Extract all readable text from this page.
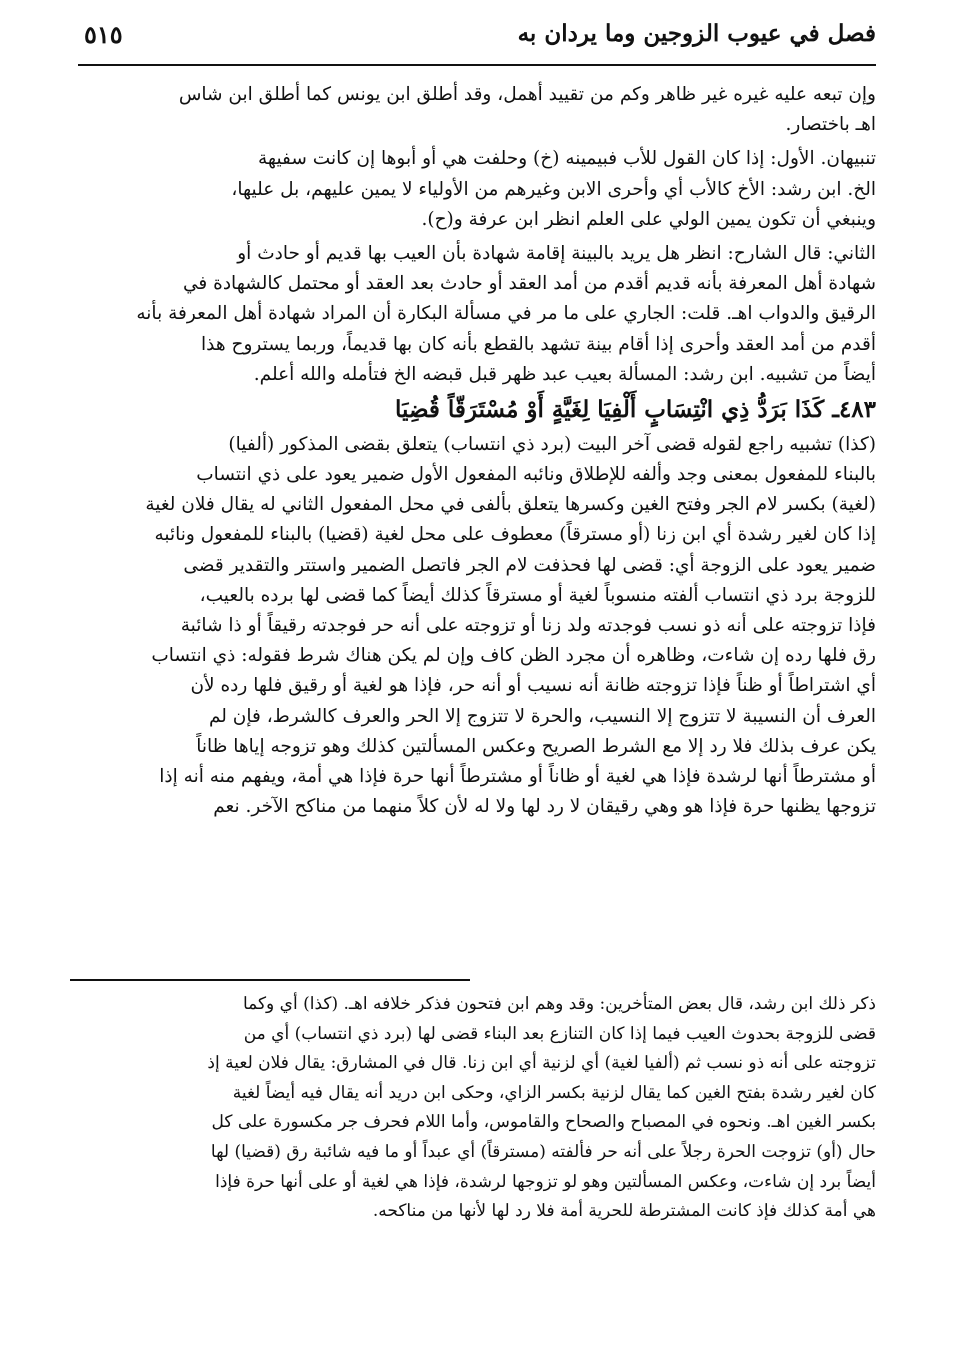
فصل في عيوب الزوجين وما يردان به
٥١٥
وإن تبعه عليه غيره غير ظاهر وكم من تقييد أهمل، وقد أطلق ابن يونس كما أطلق ابن شاس
اهـ باختصار.
تنبيهان. الأول: إذا كان القول للأب فبيمينه (خ) وحلفت هي أو أبوها إن كانت سفيهة
الخ. ابن رشد: الأخ كالأب أي وأحرى الابن وغيرهم من الأولياء لا يمين عليهم، بل عليها،
وينبغي أن تكون يمين الولي على العلم انظر ابن عرفة و(ح).
الثاني: قال الشارح: انظر هل يريد بالبينة إقامة شهادة بأن العيب بها قديم أو حادث أو
شهادة أهل المعرفة بأنه قديم أقدم من أمد العقد أو حادث بعد العقد أو محتمل كالشهادة في
الرقيق والدواب اهـ. قلت: الجاري على ما مر في مسألة البكارة أن المراد شهادة أهل المعرفة بأنه
أقدم من أمد العقد وأحرى إذا أقام بينة تشهد بالقطع بأنه كان بها قديماً، وربما يستروح هذا
أيضاً من تشبيه. ابن رشد: المسألة بعيب عبد ظهر قبل قبضه الخ فتأمله والله أعلم.
٤٨٣ـ كَذَا بَرَدُّ ذِي انْتِسَابٍ أَلْفِيَا لِغَيَّةٍ أَوْ مُسْتَرَقّاً قُضِيَا
(كذا) تشبيه راجع لقوله قضى آخر البيت (برد ذي انتساب) يتعلق بقضى المذكور (ألفيا)
بالبناء للمفعول بمعنى وجد وألفه للإطلاق ونائبه المفعول الأول ضمير يعود على ذي انتساب
(لغية) بكسر لام الجر وفتح الغين وكسرها يتعلق بألفى في محل المفعول الثاني له يقال فلان لغية
إذا كان لغير رشدة أي ابن زنا (أو مسترقاً) معطوف على محل لغية (قضيا) بالبناء للمفعول ونائبه
ضمير يعود على الزوجة أي: قضى لها فحذفت لام الجر فاتصل الضمير واستتر والتقدير قضى
للزوجة برد ذي انتساب ألفته منسوباً لغية أو مسترقاً كذلك أيضاً كما قضى لها برده بالعيب،
فإذا تزوجته على أنه ذو نسب فوجدته ولد زنا أو تزوجته على أنه حر فوجدته رقيقاً أو ذا شائبة
رق فلها رده إن شاءت، وظاهره أن مجرد الظن كاف وإن لم يكن هناك شرط فقوله: ذي انتساب
أي اشتراطاً أو ظناً فإذا تزوجته ظانة أنه نسيب أو أنه حر، فإذا هو لغية أو رقيق فلها رده لأن
العرف أن النسيبة لا تتزوج إلا النسيب، والحرة لا تتزوج إلا الحر والعرف كالشرط، فإن لم
يكن عرف بذلك فلا رد إلا مع الشرط الصريح وعكس المسألتين كذلك وهو تزوجه إياها ظاناً
أو مشترطاً أنها لرشدة فإذا هي لغية أو ظاناً أو مشترطاً أنها حرة فإذا هي أمة، ويفهم منه أنه إذا
تزوجها يظنها حرة فإذا هو وهي رقيقان لا رد لها ولا له لأن كلاً منهما من مناكح الآخر. نعم
ذكر ذلك ابن رشد، قال بعض المتأخرين: وقد وهم ابن فتحون فذكر خلافه اهـ. (كذا) أي وكما
قضى للزوجة بحدوث العيب فيما إذا كان التنازع بعد البناء قضى لها (برد ذي انتساب) أي من
تزوجته على أنه ذو نسب ثم (ألفيا لغية) أي لزنية أي ابن زنا. قال في المشارق: يقال فلان لعية إذ
كان لغير رشدة بفتح الغين كما يقال لزنية بكسر الزاي، وحكى ابن دريد أنه يقال فيه أيضاً لغية
بكسر الغين اهـ. ونحوه في المصباح والصحاح والقاموس، وأما اللام فحرف جر مكسورة على كل
حال (أو) تزوجت الحرة رجلاً على أنه حر فألفته (مسترقاً) أي عبداً أو ما فيه شائبة رق (قضيا) لها
أيضاً برد إن شاءت، وعكس المسألتين وهو لو تزوجها لرشدة، فإذا هي لغية أو على أنها حرة فإذا
هي أمة كذلك فإذ كانت المشترطة للحرية أمة فلا رد لها لأنها من مناكحه.
